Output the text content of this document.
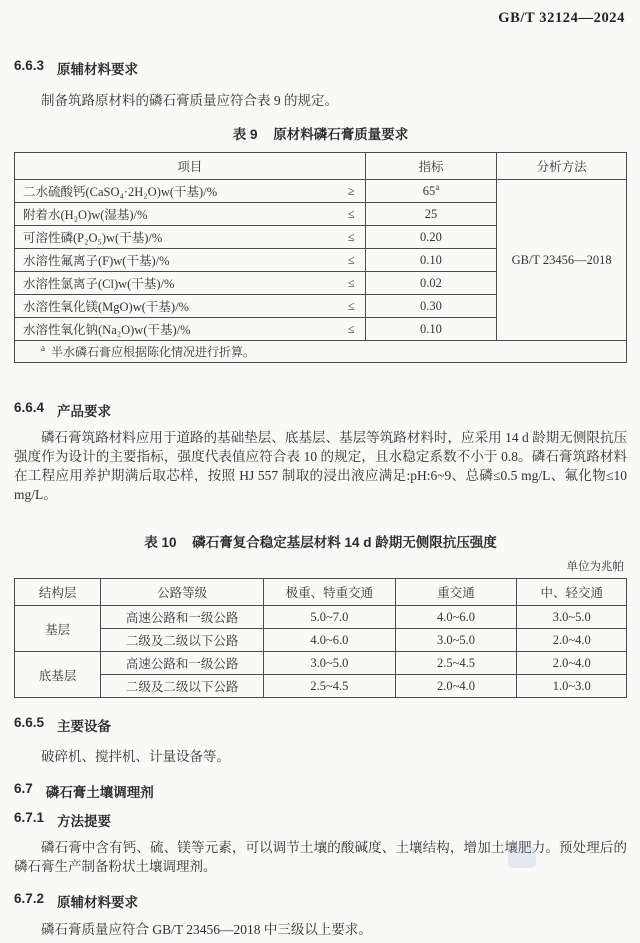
GB/T 32124—2024
6.6.3 原辅材料要求

制备筑路原材料的磷石膏质量应符合表 9 的规定。

表 9 原材料磷石膏质量要求
项目	指标	分析方法

二水硫酸钙(CaSO₄·2H₂O)w(干基)/% ≥	$65^a$	GB/T 23456—2018

附着水(H₂O)w(湿基)/% ≤	25	

可溶性磷(P₂O₅)w(干基)/% ≤	0.20	

水溶性氟离子(F)w(干基)/% ≤	0.10	

水溶性氯离子(Cl)w(干基)/% ≤	0.02	

水溶性氧化镁(MgO)w(干基)/% ≤	0.30	

水溶性氧化钠(Na₂O)w(干基)/% ≤	0.10	
$^a$ 半水磷石膏应根据陈化情况进行折算。		
6.6.4 产品要求

磷石膏筑路材料应用于道路的基础垫层、底基层、基层等筑路材料时，应采用 14 d 龄期无侧限抗压强度作为设计的主要指标，强度代表值应符合表 10 的规定，且水稳定系数不小于 0.8。磷石膏筑路材料在工程应用养护期满后取芯样，按照 HJ 557 制取的浸出液应满足:pH:6~9、总磷≤0.5 mg/L、氟化物≤10 mg/L。

表 10 磷石膏复合稳定基层材料 14 d 龄期无侧限抗压强度
单位为兆帕
结构层	公路等级	极重、特重交通	重交通	中、轻交通
基层	高速公路和一级公路	5.0~7.0	4.0~6.0	3.0~5.0
	二级及二级以下公路	4.0~6.0	3.0~5.0	2.0~4.0
底基层	高速公路和一级公路	3.0~5.0	2.5~4.5	2.0~4.0
	二级及二级以下公路	2.5~4.5	2.0~4.0	1.0~3.0
6.6.5 主要设备

破碎机、搅拌机、计量设备等。

6.7 磷石膏土壤调理剂
6.7.1 方法提要

磷石膏中含有钙、硫、镁等元素，可以调节土壤的酸碱度、土壤结构，增加土壤肥力。预处理后的磷石膏生产制备粉状土壤调理剂。

6.7.2 原辅材料要求

磷石膏质量应符合 GB/T 23456—2018 中三级以上要求。
